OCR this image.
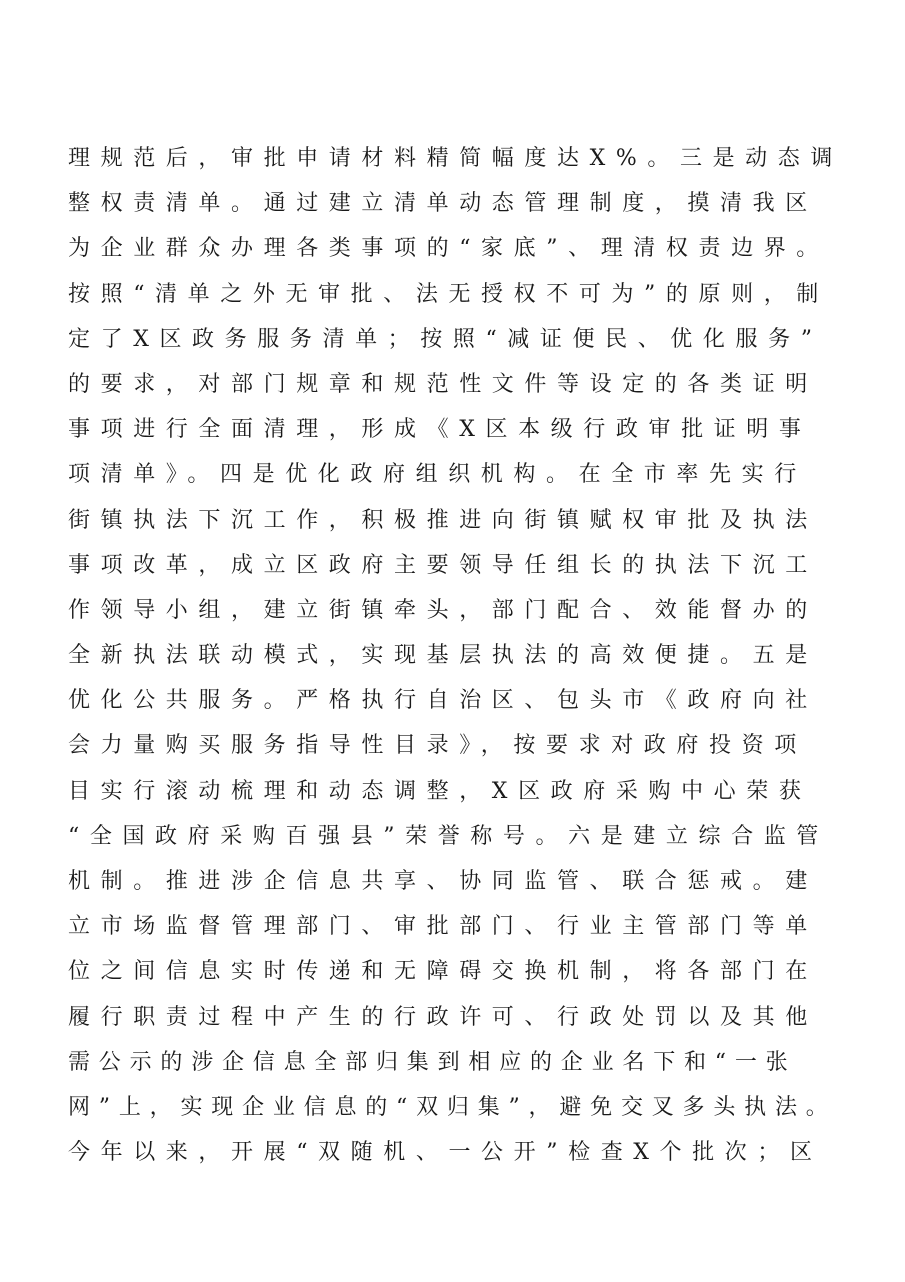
理规范后，审批申请材料精简幅度达X%。三是动态调
整权责清单。通过建立清单动态管理制度，摸清我区
为企业群众办理各类事项的“家底”、理清权责边界。
按照“清单之外无审批、法无授权不可为”的原则，制
定了X区政务服务清单；按照“减证便民、优化服务”
的要求，对部门规章和规范性文件等设定的各类证明
事项进行全面清理，形成《X区本级行政审批证明事
项清单》。四是优化政府组织机构。在全市率先实行
街镇执法下沉工作，积极推进向街镇赋权审批及执法
事项改革，成立区政府主要领导任组长的执法下沉工
作领导小组，建立街镇牵头，部门配合、效能督办的
全新执法联动模式，实现基层执法的高效便捷。五是
优化公共服务。严格执行自治区、包头市《政府向社
会力量购买服务指导性目录》，按要求对政府投资项
目实行滚动梳理和动态调整，X区政府采购中心荣获
“全国政府采购百强县”荣誉称号。六是建立综合监管
机制。推进涉企信息共享、协同监管、联合惩戒。建
立市场监督管理部门、审批部门、行业主管部门等单
位之间信息实时传递和无障碍交换机制，将各部门在
履行职责过程中产生的行政许可、行政处罚以及其他
需公示的涉企信息全部归集到相应的企业名下和“一张
网”上，实现企业信息的“双归集”，避免交叉多头执法。
今年以来，开展“双随机、一公开”检查X个批次；区
